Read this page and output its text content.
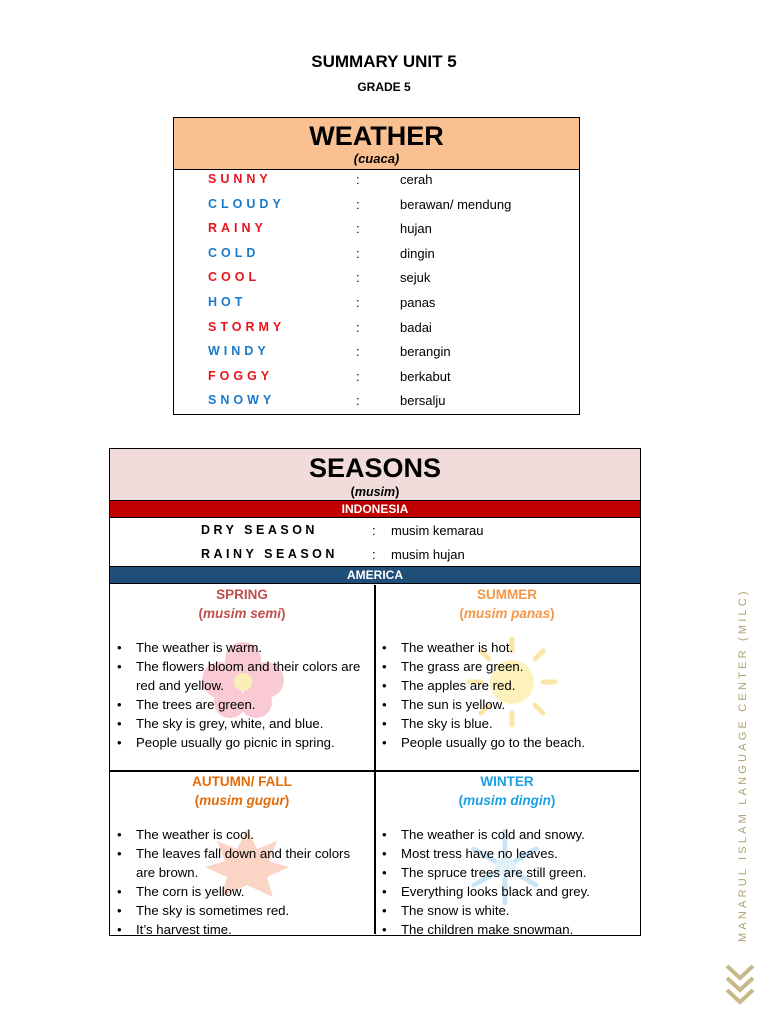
SUMMARY UNIT 5
GRADE 5
WEATHER
(cuaca)
SUNNY	:	cerah
CLOUDY	:	berawan/ mendung
RAINY	:	hujan
COLD	:	dingin
COOL	:	sejuk
HOT	:	panas
STORMY	:	badai
WINDY	:	berangin
FOGGY	:	berkabut
SNOWY	:	bersalju
SEASONS
(musim)
INDONESIA
DRY SEASON	: musim kemarau
RAINY SEASON	: musim hujan
AMERICA
SPRING
(musim semi)
• The weather is warm.
• The flowers bloom and their colors are red and yellow.
• The trees are green.
• The sky is grey, white, and blue.
• People usually go picnic in spring.
SUMMER
(musim panas)
• The weather is hot.
• The grass are green.
• The apples are red.
• The sun is yellow.
• The sky is blue.
• People usually go to the beach.
AUTUMN/ FALL
(musim gugur)
• The weather is cool.
• The leaves fall down and their colors are brown.
• The corn is yellow.
• The sky is sometimes red.
• It’s harvest time.
WINTER
(musim dingin)
• The weather is cold and snowy.
• Most tress have no leaves.
• The spruce trees are still green.
• Everything looks black and grey.
• The snow is white.
• The children make snowman.	MANARUL ISLAM LANGUAGE CENTER (MILC)
